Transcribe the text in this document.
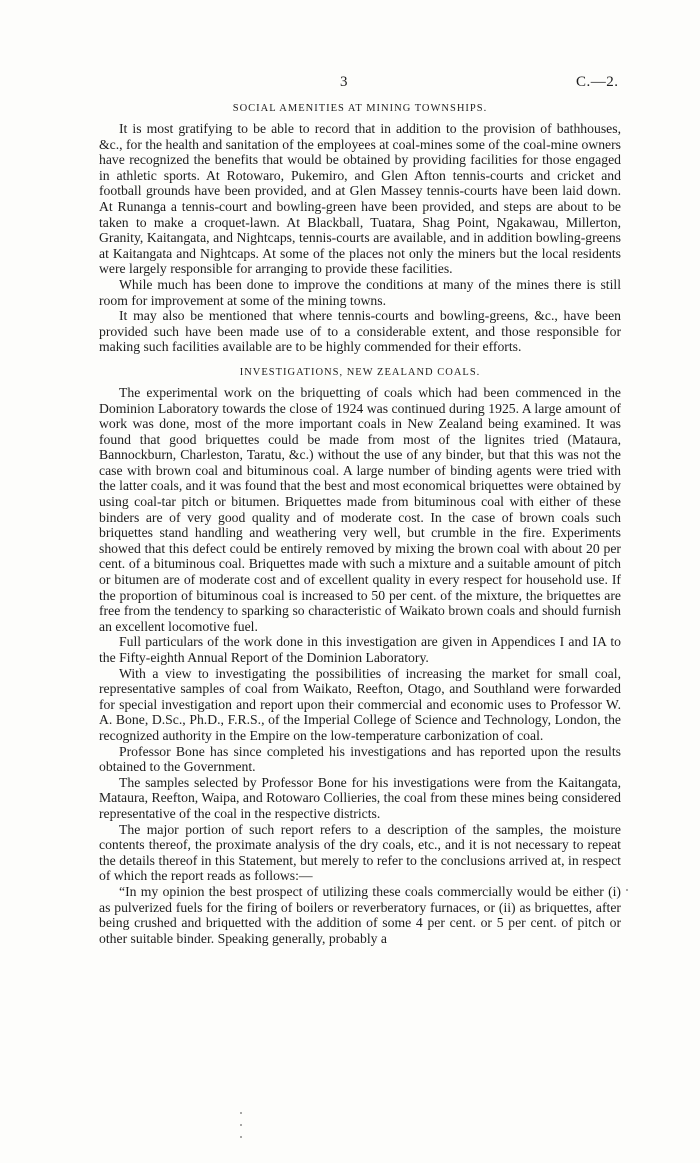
3	C.—2.
SOCIAL AMENITIES AT MINING TOWNSHIPS.

It is most gratifying to be able to record that in addition to the provision of bathhouses, &c., for the health and sanitation of the employees at coal-mines some of the coal-mine owners have recognized the benefits that would be obtained by providing facilities for those engaged in athletic sports. At Rotowaro, Pukemiro, and Glen Afton tennis-courts and cricket and football grounds have been provided, and at Glen Massey tennis-courts have been laid down. At Runanga a tennis-court and bowling-green have been provided, and steps are about to be taken to make a croquet-lawn. At Blackball, Tuatara, Shag Point, Ngakawau, Millerton, Granity, Kaitangata, and Nightcaps, tennis-courts are available, and in addition bowling-greens at Kaitangata and Nightcaps. At some of the places not only the miners but the local residents were largely responsible for arranging to provide these facilities.

While much has been done to improve the conditions at many of the mines there is still room for improvement at some of the mining towns.

It may also be mentioned that where tennis-courts and bowling-greens, &c., have been provided such have been made use of to a considerable extent, and those responsible for making such facilities available are to be highly commended for their efforts.

INVESTIGATIONS, NEW ZEALAND COALS.

The experimental work on the briquetting of coals which had been commenced in the Dominion Laboratory towards the close of 1924 was continued during 1925. A large amount of work was done, most of the more important coals in New Zealand being examined. It was found that good briquettes could be made from most of the lignites tried (Mataura, Bannockburn, Charleston, Taratu, &c.) without the use of any binder, but that this was not the case with brown coal and bituminous coal. A large number of binding agents were tried with the latter coals, and it was found that the best and most economical briquettes were obtained by using coal-tar pitch or bitumen. Briquettes made from bituminous coal with either of these binders are of very good quality and of moderate cost. In the case of brown coals such briquettes stand handling and weathering very well, but crumble in the fire. Experiments showed that this defect could be entirely removed by mixing the brown coal with about 20 per cent. of a bituminous coal. Briquettes made with such a mixture and a suitable amount of pitch or bitumen are of moderate cost and of excellent quality in every respect for household use. If the proportion of bituminous coal is increased to 50 per cent. of the mixture, the briquettes are free from the tendency to sparking so characteristic of Waikato brown coals and should furnish an excellent locomotive fuel.

Full particulars of the work done in this investigation are given in Appendices I and IA to the Fifty-eighth Annual Report of the Dominion Laboratory.

With a view to investigating the possibilities of increasing the market for small coal, representative samples of coal from Waikato, Reefton, Otago, and Southland were forwarded for special investigation and report upon their commercial and economic uses to Professor W. A. Bone, D.Sc., Ph.D., F.R.S., of the Imperial College of Science and Technology, London, the recognized authority in the Empire on the low-temperature carbonization of coal.

Professor Bone has since completed his investigations and has reported upon the results obtained to the Government.

The samples selected by Professor Bone for his investigations were from the Kaitangata, Mataura, Reefton, Waipa, and Rotowaro Collieries, the coal from these mines being considered representative of the coal in the respective districts.

The major portion of such report refers to a description of the samples, the moisture contents thereof, the proximate analysis of the dry coals, etc., and it is not necessary to repeat the details thereof in this Statement, but merely to refer to the conclusions arrived at, in respect of which the report reads as follows:—

“In my opinion the best prospect of utilizing these coals commercially would be either (i) as pulverized fuels for the firing of boilers or reverberatory furnaces, or (ii) as briquettes, after being crushed and briquetted with the addition of some 4 per cent. or 5 per cent. of pitch or other suitable binder. Speaking generally, probably a
